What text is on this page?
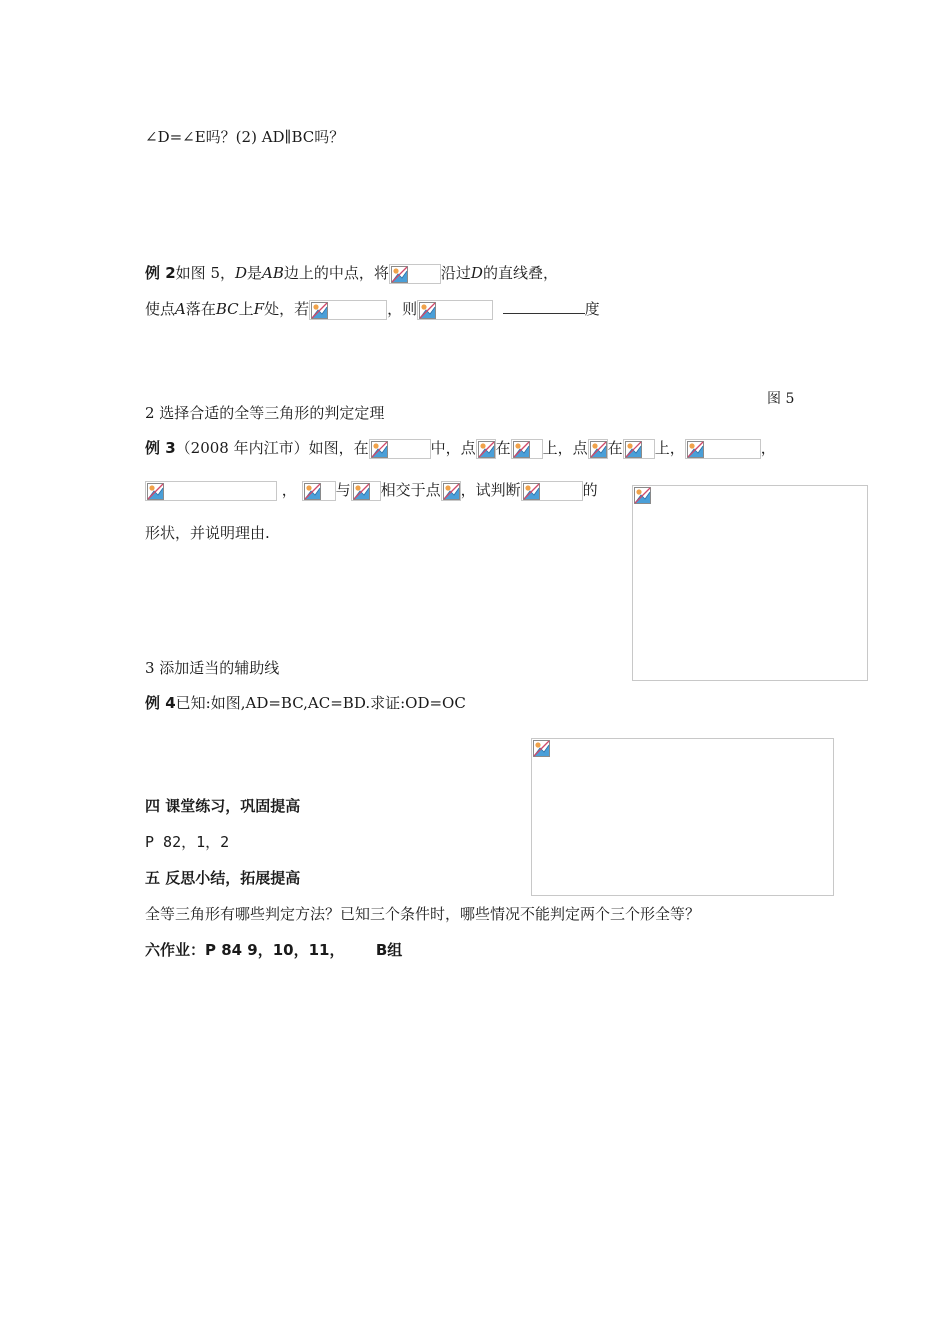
∠D=∠E吗？(2) AD∥BC吗？
例 2如图 5，D是AB边上的中点，将	沿过D的直线叠，
使点A落在BC上F处，若	，则	度
图 5
2 选择合适的全等三角形的判定定理
例 3（2008 年内江市）如图，在	中，点 在 上，点 在 上，	，
，	与 相交于点 ，试判断	的
形状，并说明理由.
3 添加适当的辅助线
例 4已知:如图,AD=BC,AC=BD.求证:OD=OC
四 课堂练习，巩固提高
P 82，1，2
五 反思小结，拓展提高
全等三角形有哪些判定方法？已知三个条件时，哪些情况不能判定两个三个形全等？
六作业：P 84 9，10，11，      B组
